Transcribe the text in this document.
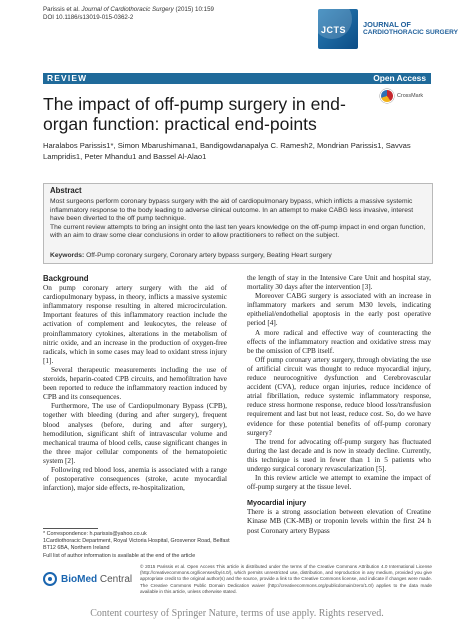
Parissis et al. Journal of Cardiothoracic Surgery (2015) 10:159
DOI 10.1186/s13019-015-0362-2
JCTS
JOURNAL OF
CARDIOTHORACIC SURGERY
REVIEW	Open Access
The impact of off-pump surgery in end-organ function: practical end-points
CrossMark
Haralabos Parissis1*, Simon Mbarushimana1, Bandigowdanapalya C. Ramesh2, Mondrian Parissis1, Savvas Lampridis1, Peter Mhandu1 and Bassel Al-Alao1
Abstract
Most surgeons perform coronary bypass surgery with the aid of cardiopulmonary bypass, which inflicts a massive systemic inflammatory response to the body leading to adverse clinical outcome. In an attempt to make CABG less invasive, interest have been diverted to the off pump technique.
The current review attempts to bring an insight onto the last ten years knowledge on the off-pump impact in end organ function, with an aim to draw some clear conclusions in order to allow practitioners to reflect on the subject.
Keywords: Off-Pump coronary surgery, Coronary artery bypass surgery, Beating Heart surgery
Background

On pump coronary artery surgery with the aid of cardiopulmonary bypass, in theory, inflicts a massive systemic inflammatory response resulting in altered microcirculation. Important features of this inflammatory reaction include the activation of complement and leukocytes, the release of proinflammatory cytokines, alterations in the metabolism of nitric oxide, and an increase in the production of oxygen-free radicals, which in some cases may lead to oxidant stress injury [1].

Several therapeutic measurements including the use of steroids, heparin-coated CPB circuits, and hemofiltration have been reported to reduce the inflammatory reaction induced by CPB and its consequences.

Furthermore, The use of Cardiopulmonary Bypass (CPB), together with bleeding (during and after surgery), frequent blood analyses (before, during and after surgery), hemodilution, significant shift of intravascular volume and mechanical trauma of blood cells, cause significant changes in the three major cellular components of the hematopoietic system [2].

Following red blood loss, anemia is associated with a range of postoperative consequences (stroke, acute myocardial infarction), major side effects, re-hospitalization,

the length of stay in the Intensive Care Unit and hospital stay, mortality 30 days after the intervention [3].

Moreover CABG surgery is associated with an increase in inflammatory markers and serum M30 levels, indicating epithelial/endothelial apoptosis in the early post operative period [4].

A more radical and effective way of counteracting the effects of the inflammatory reaction and oxidative stress may be the omission of CPB itself.

Off pump coronary artery surgery, through obviating the use of artificial circuit was thought to reduce myocardial injury, reduce neurocognitive dysfunction and Cerebrovascular accident (CVA), reduce organ injuries, reduce incidence of atrial fibrillation, reduce systemic inflammatory response, reduce stress hormone response, reduce blood loss/transfusion requirement and last but not least, reduce cost. So, do we have evidence for these potential benefits of off-pump coronary surgery?

The trend for advocating off-pump surgery has fluctuated during the last decade and is now in steady decline. Currently, this technique is used in fewer than 1 in 5 patients who undergo surgical coronary revascularization [5].

In this review article we attempt to examine the impact of off-pump surgery at the tissue level.

Myocardial injury

There is a strong association between elevation of Creatine Kinase MB (CK-MB) or troponin levels within the first 24 h post Coronary artery Bypass

* Correspondence: h.parissis@yahoo.co.uk
1Cardiothoracic Department, Royal Victoria Hospital, Grosvenor Road, Belfast BT12 6BA, Northern Ireland
Full list of author information is available at the end of the article
BioMed Central
© 2015 Parissis et al. Open Access This article is distributed under the terms of the Creative Commons Attribution 4.0 International License (http://creativecommons.org/licenses/by/4.0/), which permits unrestricted use, distribution, and reproduction in any medium, provided you give appropriate credit to the original author(s) and the source, provide a link to the Creative Commons license, and indicate if changes were made. The Creative Commons Public Domain Dedication waiver (http://creativecommons.org/publicdomain/zero/1.0/) applies to the data made available in this article, unless otherwise stated.
Content courtesy of Springer Nature, terms of use apply. Rights reserved.
